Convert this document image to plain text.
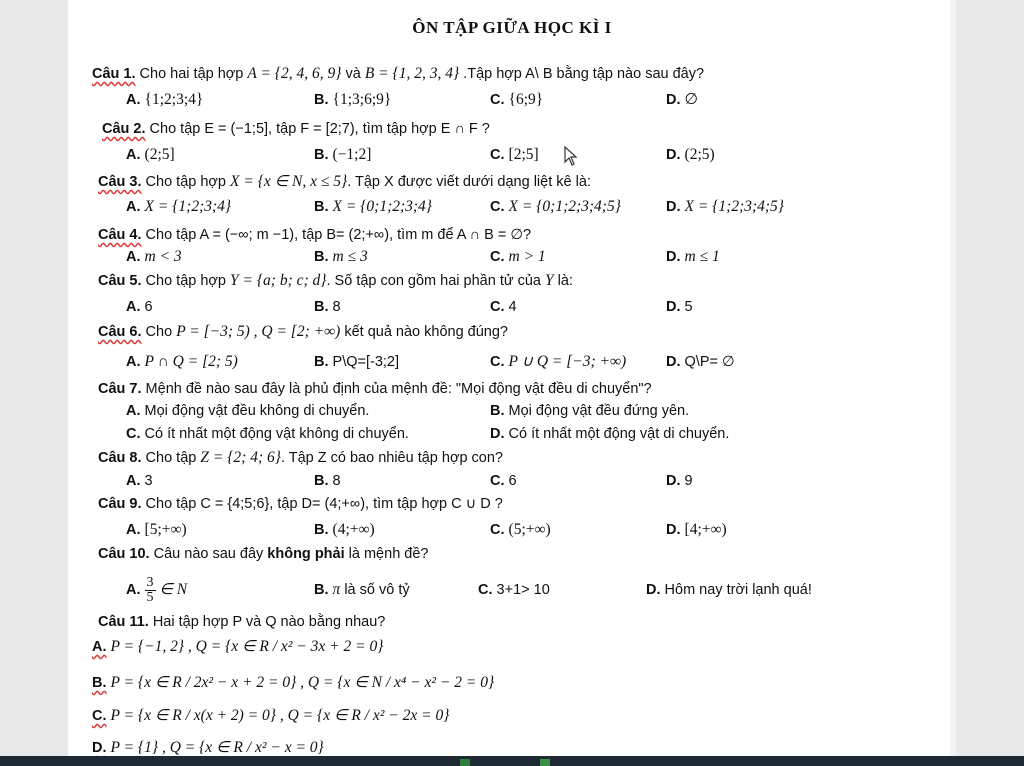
ÔN TẬP GIỮA HỌC KÌ I
Câu 1. Cho hai tập hợp A = {2, 4, 6, 9} và B = {1, 2, 3, 4} .Tập hợp A\ B bằng tập nào sau đây?
A. {1;2;3;4}	B. {1;3;6;9}	C. {6;9}	D. ∅
Câu 2. Cho tập E = (−1;5], tập F = [2;7), tìm tập hợp E ∩ F ?
A. (2;5]	B. (−1;2]	C. [2;5]	D. (2;5)
Câu 3. Cho tập hợp X = {x ∈ N, x ≤ 5}. Tập X được viết dưới dạng liệt kê là:
A. X = {1;2;3;4}	B. X = {0;1;2;3;4}	C. X = {0;1;2;3;4;5}	D. X = {1;2;3;4;5}
Câu 4. Cho tập A = (−∞; m −1), tập B= (2;+∞), tìm m để A ∩ B = ∅?
A. m < 3	B. m ≤ 3	C. m > 1	D. m ≤ 1
Câu 5. Cho tập hợp Y = {a; b; c; d}. Số tập con gồm hai phần tử của Y là:
A. 6	B. 8	C. 4	D. 5
Câu 6. Cho P = [−3; 5) , Q = [2; +∞) kết quả nào không đúng?
A. P ∩ Q = [2; 5)	B. P\Q=[-3;2]	C. P ∪ Q = [−3; +∞)	D. Q\P= ∅
Câu 7. Mệnh đề nào sau đây là phủ định của mệnh đề: "Mọi động vật đều di chuyển"?
A. Mọi động vật đều không di chuyển.	B. Mọi động vật đều đứng yên.
C. Có ít nhất một động vật không di chuyển.	D. Có ít nhất một động vật di chuyển.
Câu 8. Cho tập Z = {2; 4; 6}. Tập Z có bao nhiêu tập hợp con?
A. 3	B. 8	C. 6	D. 9
Câu 9. Cho tập C = {4;5;6}, tập D= (4;+∞), tìm tập hợp C ∪ D ?
A. [5;+∞)	B. (4;+∞)	C. (5;+∞)	D. [4;+∞)
Câu 10. Câu nào sau đây không phải là mệnh đề?
A. $\frac{3}{5}$ ∈ N	B. π là số vô tỷ	C. 3+1> 10	D. Hôm nay trời lạnh quá!
Câu 11. Hai tập hợp P và Q nào bằng nhau?
A. P = {−1, 2} , Q = {x ∈ R / x² − 3x + 2 = 0}
B. P = {x ∈ R / 2x² − x + 2 = 0} , Q = {x ∈ N / x⁴ − x² − 2 = 0}
C. P = {x ∈ R / x(x + 2) = 0} , Q = {x ∈ R / x² − 2x = 0}
D. P = {1} , Q = {x ∈ R / x² − x = 0}
